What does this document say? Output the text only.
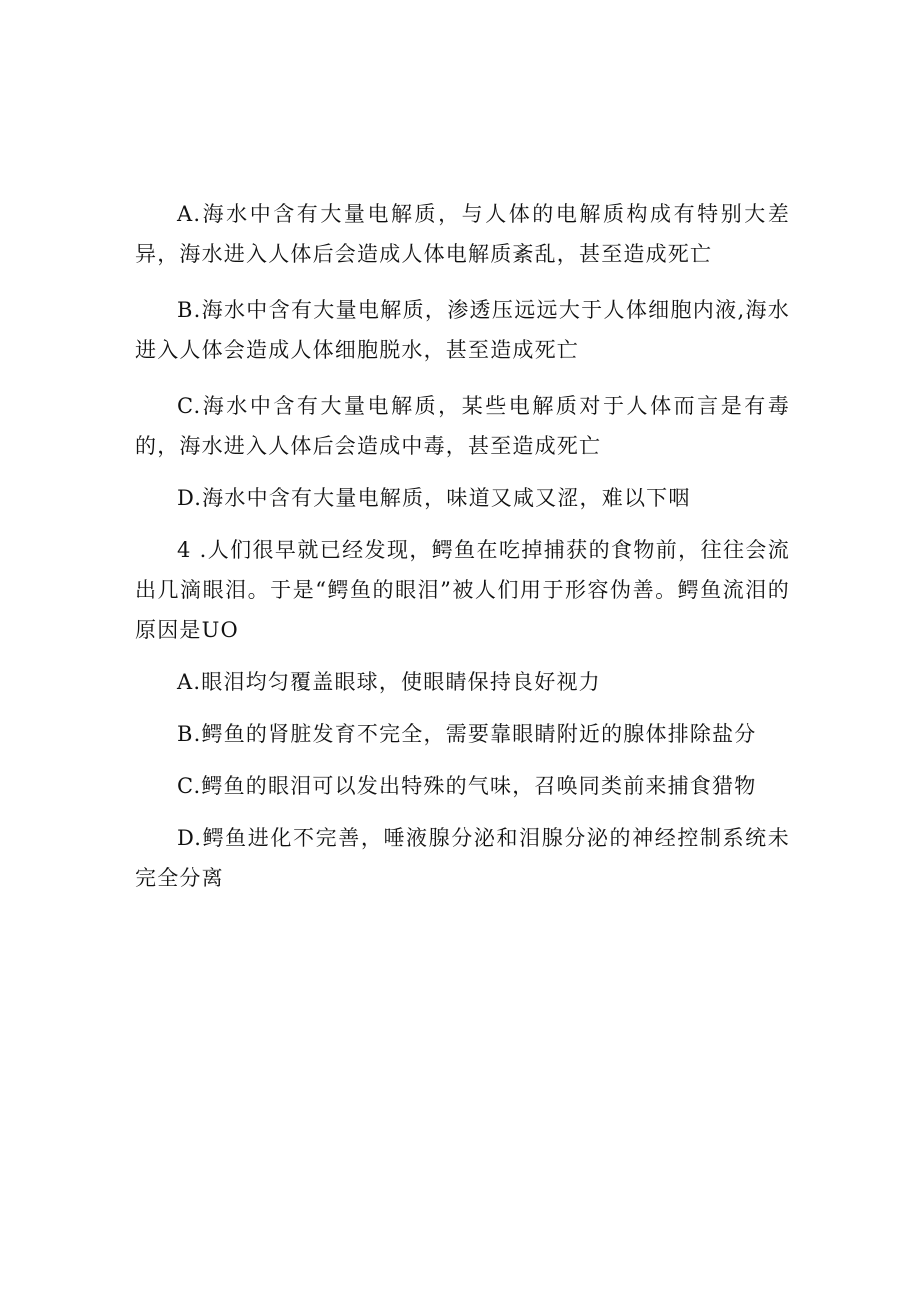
A.海水中含有大量电解质，与人体的电解质构成有特别大差异，海水进入人体后会造成人体电解质紊乱，甚至造成死亡

B.海水中含有大量电解质，渗透压远远大于人体细胞内液,海水进入人体会造成人体细胞脱水，甚至造成死亡

C.海水中含有大量电解质，某些电解质对于人体而言是有毒的，海水进入人体后会造成中毒，甚至造成死亡

D.海水中含有大量电解质，味道又咸又涩，难以下咽

4 .人们很早就已经发现，鳄鱼在吃掉捕获的食物前，往往会流出几滴眼泪。于是“鳄鱼的眼泪”被人们用于形容伪善。鳄鱼流泪的原因是UO

A.眼泪均匀覆盖眼球，使眼睛保持良好视力

B.鳄鱼的肾脏发育不完全，需要靠眼睛附近的腺体排除盐分

C.鳄鱼的眼泪可以发出特殊的气味，召唤同类前来捕食猎物

D.鳄鱼进化不完善，唾液腺分泌和泪腺分泌的神经控制系统未完全分离
